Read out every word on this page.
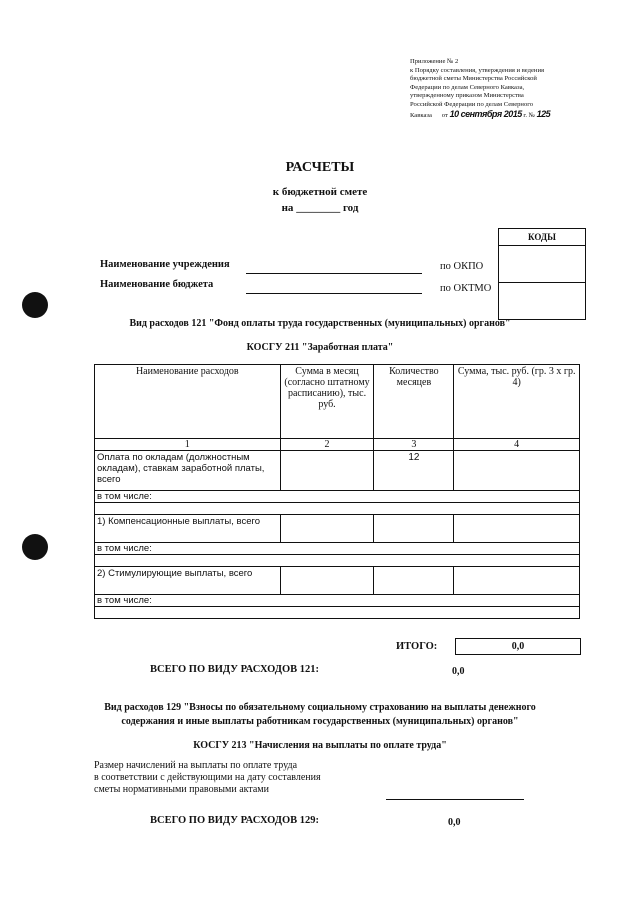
Приложение № 2
к Порядку составления, утверждения и ведения
бюджетной сметы Министерства Российской
Федерации по делам Северного Кавказа,
утвержденному приказом Министерства
Российской Федерации по делам Северного
Кавказа      от 10 сентября 2015 г. № 125
РАСЧЕТЫ
к бюджетной смете
на ________ год
КОДЫ
Наименование учреждения	по ОКПО
Наименование бюджета	по ОКТМО
Вид расходов 121 "Фонд оплаты труда государственных (муниципальных) органов"
КОСГУ 211 "Заработная плата"
Наименование расходов	Сумма в месяц (согласно штатному расписанию), тыс. руб.	Количество месяцев	Сумма, тыс. руб. (гр. 3 х гр. 4)
1	2	3	4
Оплата по окладам (должностным окладам), ставкам заработной платы, всего		12	
в том числе:			

1) Компенсационные выплаты, всего			
в том числе:			

2) Стимулирующие выплаты, всего			
в том числе:			

ИТОГО:	0,0
ВСЕГО ПО ВИДУ РАСХОДОВ 121:	0,0
Вид расходов 129 "Взносы по обязательному социальному страхованию на выплаты денежного
содержания и иные выплаты работникам государственных (муниципальных) органов"
КОСГУ 213 "Начисления на выплаты по оплате труда"
Размер начислений на выплаты по оплате труда
в соответствии с действующими на дату составления
сметы нормативными правовыми актами
ВСЕГО ПО ВИДУ РАСХОДОВ 129:	0,0
